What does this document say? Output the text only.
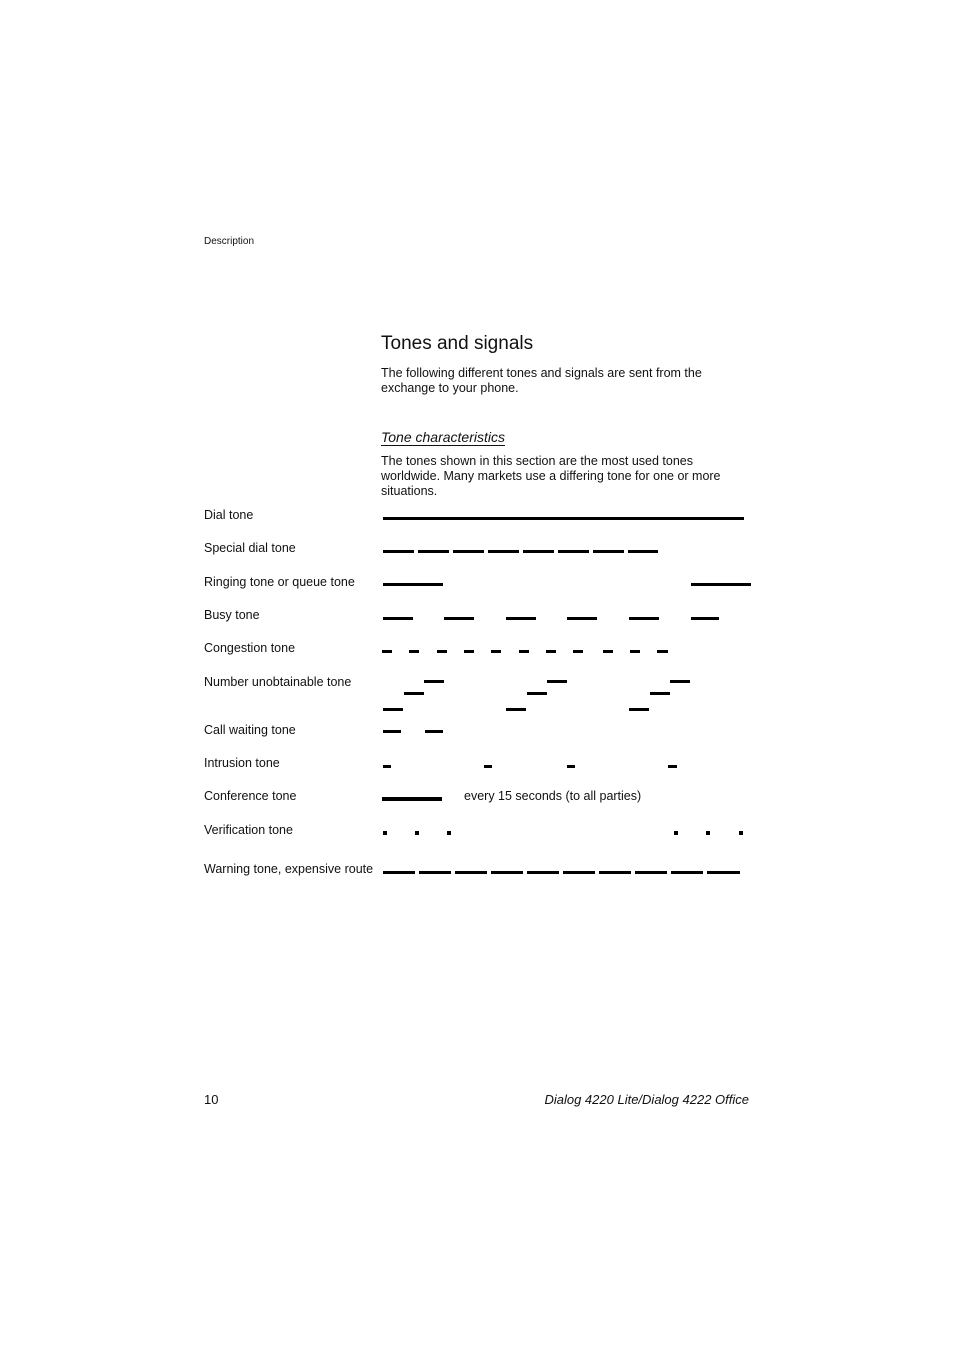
Description
Tones and signals

The following different tones and signals are sent from the exchange to your phone.

Tone characteristics

The tones shown in this section are the most used tones worldwide. Many markets use a differing tone for one or more situations.

Dial tone
Special dial tone
Ringing tone or queue tone
Busy tone
Congestion tone
Number unobtainable tone
Call waiting tone
Intrusion tone
Conference tone
Verification tone
Warning tone, expensive route
every 15 seconds (to all parties)
10	Dialog 4220 Lite/Dialog 4222 Office
